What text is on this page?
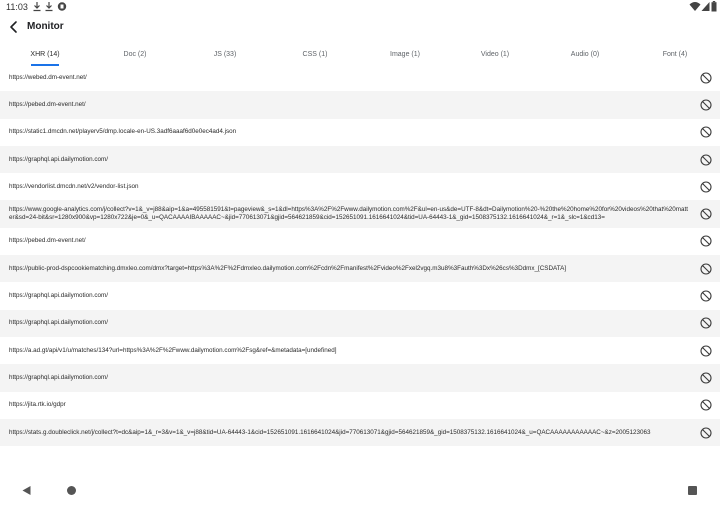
11:03
Monitor
XHR (14)	Doc (2)	JS (33)	CSS (1)	Image (1)	Video (1)	Audio (0)	Font (4)
https://webed.dm-event.net/
https://pebed.dm-event.net/
https://static1.dmcdn.net/playerv5/dmp.locale-en-US.3adf6aaaf6d0e0ec4ad4.json
https://graphql.api.dailymotion.com/
https://vendorlist.dmcdn.net/v2/vendor-list.json
https://www.google-analytics.com/j/collect?v=1&_v=j88&aip=1&a=495581591&t=pageview&_s=1&dl=https%3A%2F%2Fwww.dailymotion.com%2F&ul=en-us&de=UTF-8&dt=Dailymotion%20-%20the%20home%20for%20videos%20that%20matter&sd=24-bit&sr=1280x900&vp=1280x722&je=0&_u=QACAAAAIBAAAAAC~&jid=770613071&gjid=564621859&cid=152651091.1616641024&tid=UA-64443-1&_gid=1508375132.1616641024&_r=1&_slc=1&cd13=
https://pebed.dm-event.net/
https://public-prod-dspcookiematching.dmxleo.com/dmx?target=https%3A%2F%2Fdmxleo.dailymotion.com%2Fcdn%2Fmanifest%2Fvideo%2Fxel2vgq.m3u8%3Fauth%3Dx%26cs%3Ddmx_[CSDATA]
https://graphql.api.dailymotion.com/
https://graphql.api.dailymotion.com/
https://a.ad.gt/api/v1/u/matches/134?url=https%3A%2F%2Fwww.dailymotion.com%2Fsg&ref=&metadata=[undefined]
https://graphql.api.dailymotion.com/
https://jita.rtk.io/gdpr
https://stats.g.doubleclick.net/j/collect?t=dc&aip=1&_r=3&v=1&_v=j88&tid=UA-64443-1&cid=152651091.1616641024&jid=770613071&gjid=564621859&_gid=1508375132.1616641024&_u=QACAAAAAAAAAAAC~&z=2005123063
